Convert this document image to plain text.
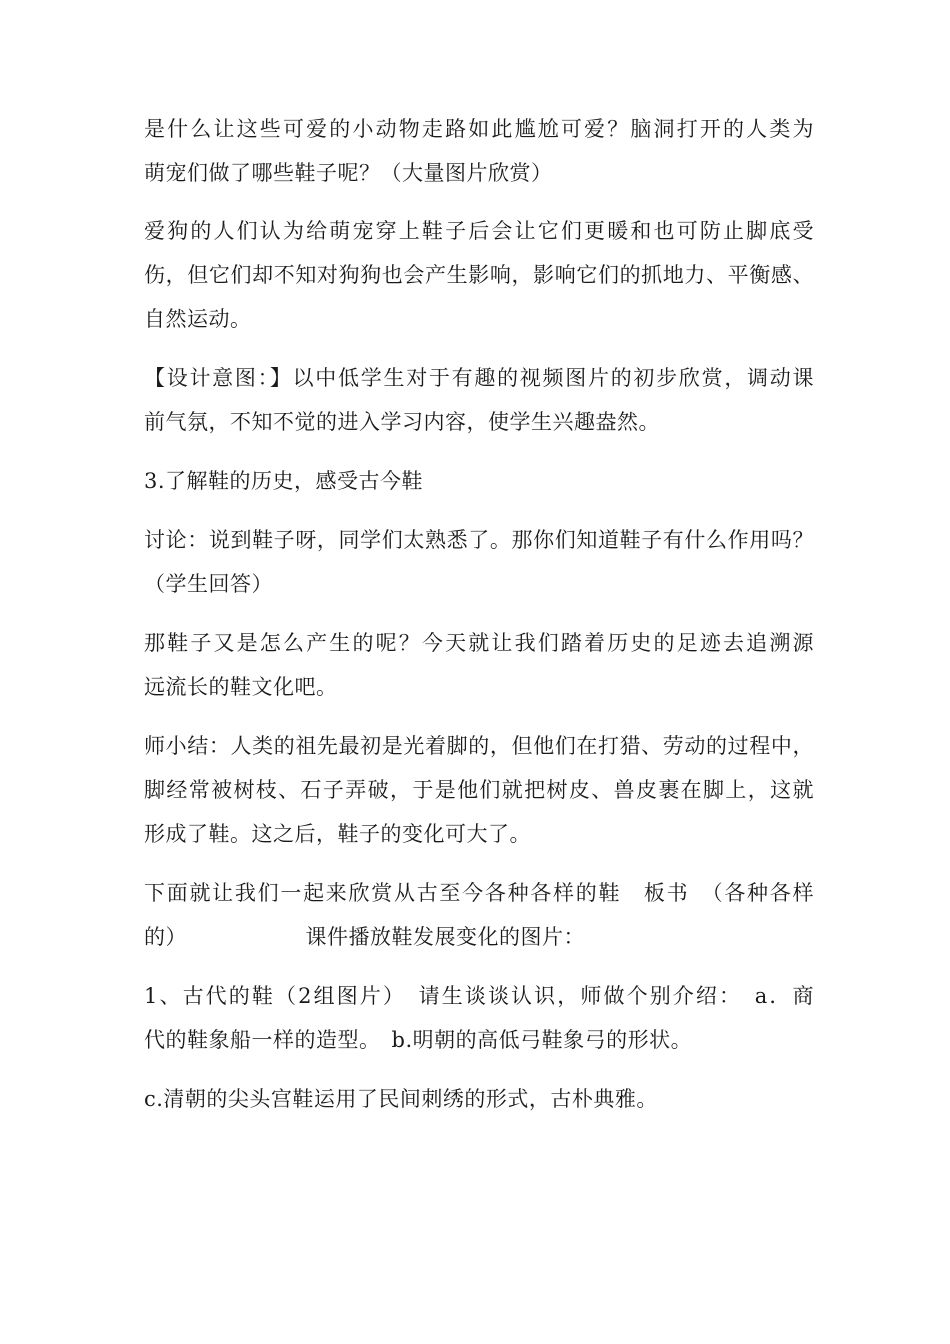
是什么让这些可爱的小动物走路如此尴尬可爱？脑洞打开的人类为
萌宠们做了哪些鞋子呢？（大量图片欣赏）
爱狗的人们认为给萌宠穿上鞋子后会让它们更暖和也可防止脚底受
伤，但它们却不知对狗狗也会产生影响，影响它们的抓地力、平衡感、
自然运动。
【设计意图：】以中低学生对于有趣的视频图片的初步欣赏，调动课
前气氛，不知不觉的进入学习内容，使学生兴趣盎然。
3.了解鞋的历史，感受古今鞋
讨论：说到鞋子呀，同学们太熟悉了。那你们知道鞋子有什么作用吗？
（学生回答）
那鞋子又是怎么产生的呢？今天就让我们踏着历史的足迹去追溯源
远流长的鞋文化吧。
师小结：人类的祖先最初是光着脚的，但他们在打猎、劳动的过程中，
脚经常被树枝、石子弄破，于是他们就把树皮、兽皮裹在脚上，这就
形成了鞋。这之后，鞋子的变化可大了。
下面就让我们一起来欣赏从古至今各种各样的鞋　板书　（各种各样
的）　　　　　　课件播放鞋发展变化的图片：
1、古代的鞋（2组图片）　请生谈谈认识，师做个别介绍：　a．商
代的鞋象船一样的造型。　b.明朝的高低弓鞋象弓的形状。
c.清朝的尖头宫鞋运用了民间刺绣的形式，古朴典雅。
